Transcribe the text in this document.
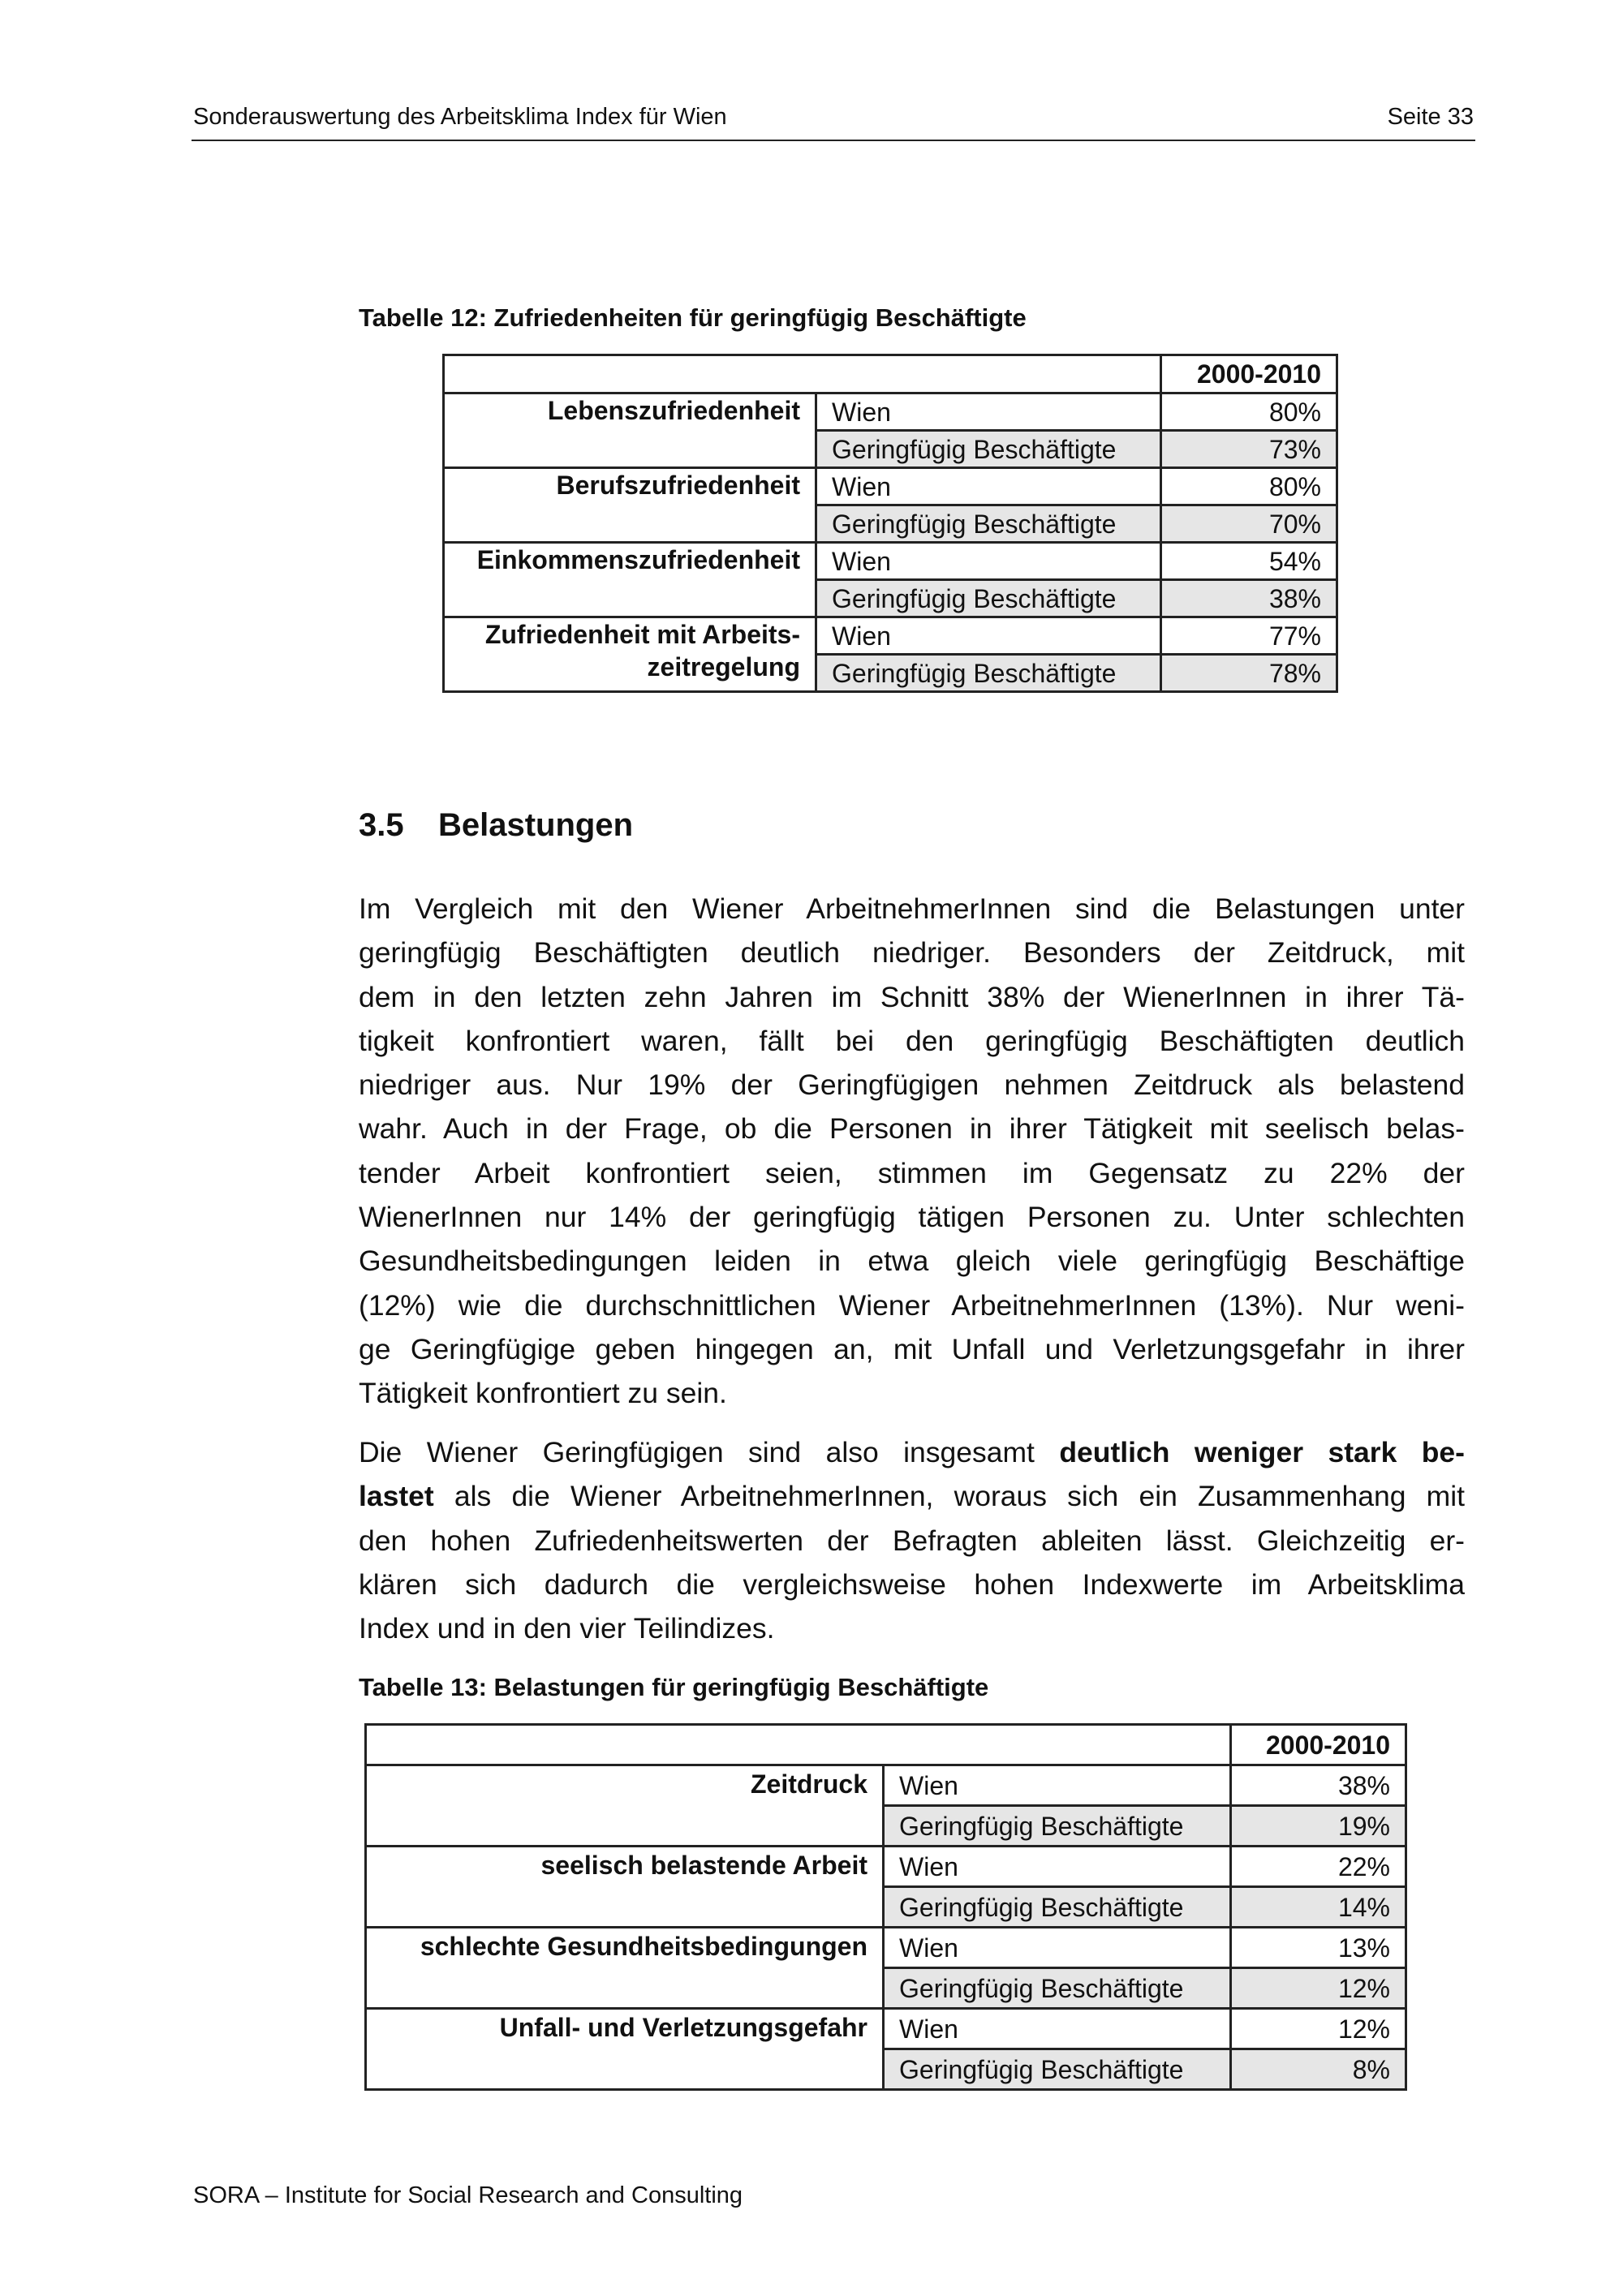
Sonderauswertung des Arbeitsklima Index für Wien	Seite 33
Tabelle 12: Zufriedenheiten für geringfügig Beschäftigte
		2000-2010
Lebenszufriedenheit	Wien	80%
	Geringfügig Beschäftigte	73%
Berufszufriedenheit	Wien	80%
	Geringfügig Beschäftigte	70%
Einkommenszufriedenheit	Wien	54%
	Geringfügig Beschäftigte	38%

Zufriedenheit mit Arbeits-
zeitregelung	Wien	77%
	Geringfügig Beschäftigte	78%
3.5 Belastungen
Im Vergleich mit den Wiener ArbeitnehmerInnen sind die Belastungen unter
geringfügig Beschäftigten deutlich niedriger. Besonders der Zeitdruck, mit
dem in den letzten zehn Jahren im Schnitt 38% der WienerInnen in ihrer Tä-
tigkeit konfrontiert waren, fällt bei den geringfügig Beschäftigten deutlich
niedriger aus. Nur 19% der Geringfügigen nehmen Zeitdruck als belastend
wahr. Auch in der Frage, ob die Personen in ihrer Tätigkeit mit seelisch belas-
tender Arbeit konfrontiert seien, stimmen im Gegensatz zu 22% der
WienerInnen nur 14% der geringfügig tätigen Personen zu. Unter schlechten
Gesundheitsbedingungen leiden in etwa gleich viele geringfügig Beschäftige
(12%) wie die durchschnittlichen Wiener ArbeitnehmerInnen (13%). Nur weni-
ge Geringfügige geben hingegen an, mit Unfall und Verletzungsgefahr in ihrer
Tätigkeit konfrontiert zu sein.
Die Wiener Geringfügigen sind also insgesamt deutlich weniger stark be-
lastet als die Wiener ArbeitnehmerInnen, woraus sich ein Zusammenhang mit
den hohen Zufriedenheitswerten der Befragten ableiten lässt. Gleichzeitig er-
klären sich dadurch die vergleichsweise hohen Indexwerte im Arbeitsklima
Index und in den vier Teilindizes.
Tabelle 13: Belastungen für geringfügig Beschäftigte
		2000-2010
Zeitdruck	Wien	38%
	Geringfügig Beschäftigte	19%
seelisch belastende Arbeit	Wien	22%
	Geringfügig Beschäftigte	14%
schlechte Gesundheitsbedingungen	Wien	13%
	Geringfügig Beschäftigte	12%
Unfall- und Verletzungsgefahr	Wien	12%
	Geringfügig Beschäftigte	8%
SORA – Institute for Social Research and Consulting
